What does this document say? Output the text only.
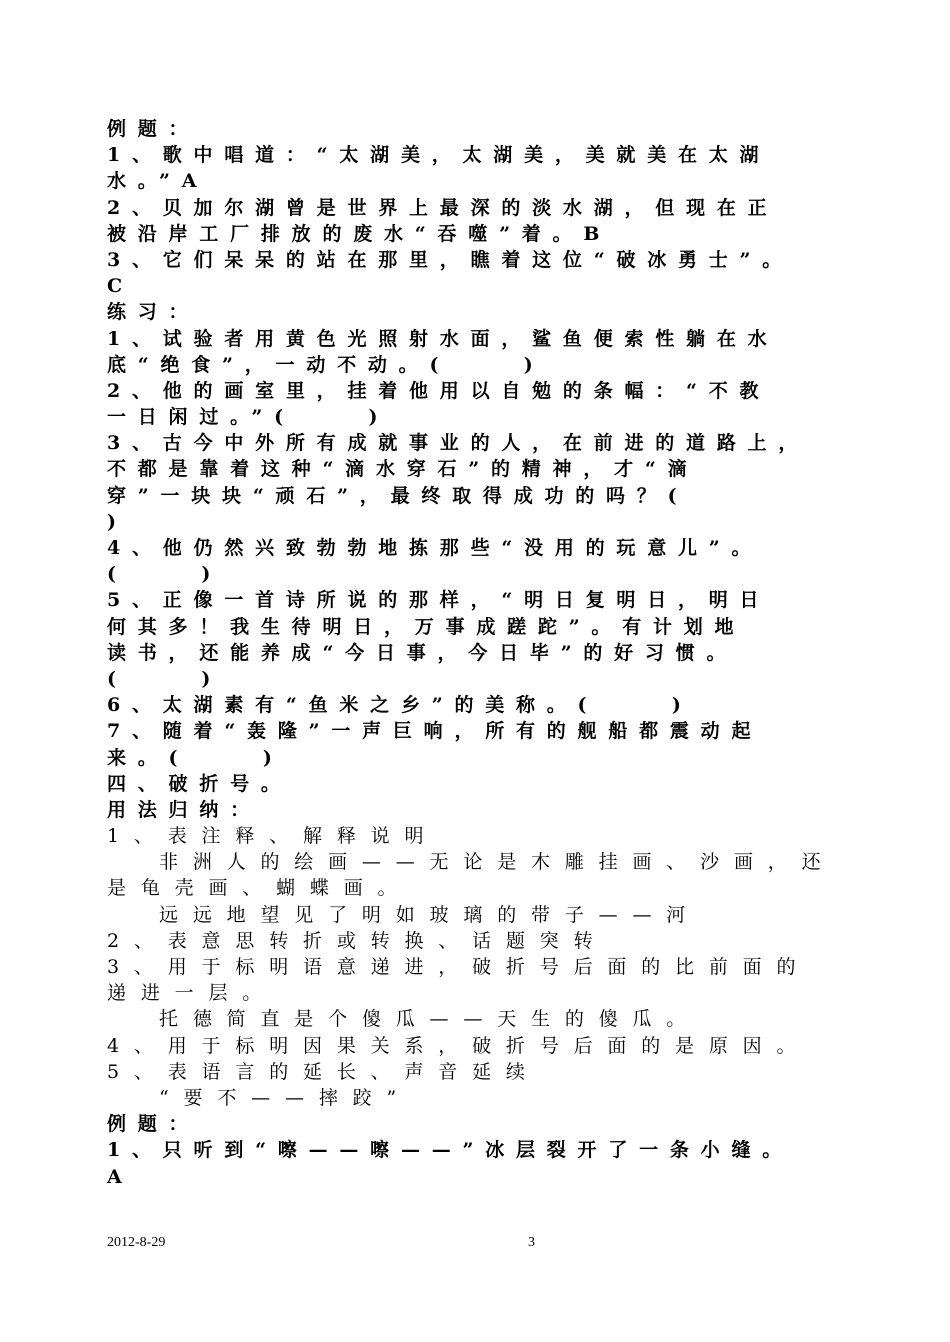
例题：
1、歌中唱道：“太湖美，太湖美，美就美在太湖
水。”A
2、贝加尔湖曾是世界上最深的淡水湖，但现在正
被沿岸工厂排放的废水“吞噬”着。B
3、它们呆呆的站在那里，瞧着这位“破冰勇士”。
C
练习：
1、试验者用黄色光照射水面，鲨鱼便索性躺在水
底“绝食”，一动不动。(    )
2、他的画室里，挂着他用以自勉的条幅：“不教
一日闲过。”(    )
3、古今中外所有成就事业的人，在前进的道路上，
不都是靠着这种“滴水穿石”的精神，才“滴
穿”一块块“顽石”，最终取得成功的吗？(
)
4、他仍然兴致勃勃地拣那些“没用的玩意儿”。
(    )
5、正像一首诗所说的那样，“明日复明日，明日
何其多！我生待明日，万事成蹉跎”。有计划地
读书，还能养成“今日事，今日毕”的好习惯。
(    )
6、太湖素有“鱼米之乡”的美称。(    )
7、随着“轰隆”一声巨响，所有的舰船都震动起
来。(    )
四、破折号。
用法归纳：
1、表注释、解释说明
非洲人的绘画——无论是木雕挂画、沙画，还
是龟壳画、蝴蝶画。
远远地望见了明如玻璃的带子——河
2、表意思转折或转换、话题突转
3、用于标明语意递进，破折号后面的比前面的
递进一层。
托德简直是个傻瓜——天生的傻瓜。
4、用于标明因果关系，破折号后面的是原因。
5、表语言的延长、声音延续
“要不——摔跤”
例题：
1、只听到“嚓——嚓——”冰层裂开了一条小缝。
A
2012-8-29	3
